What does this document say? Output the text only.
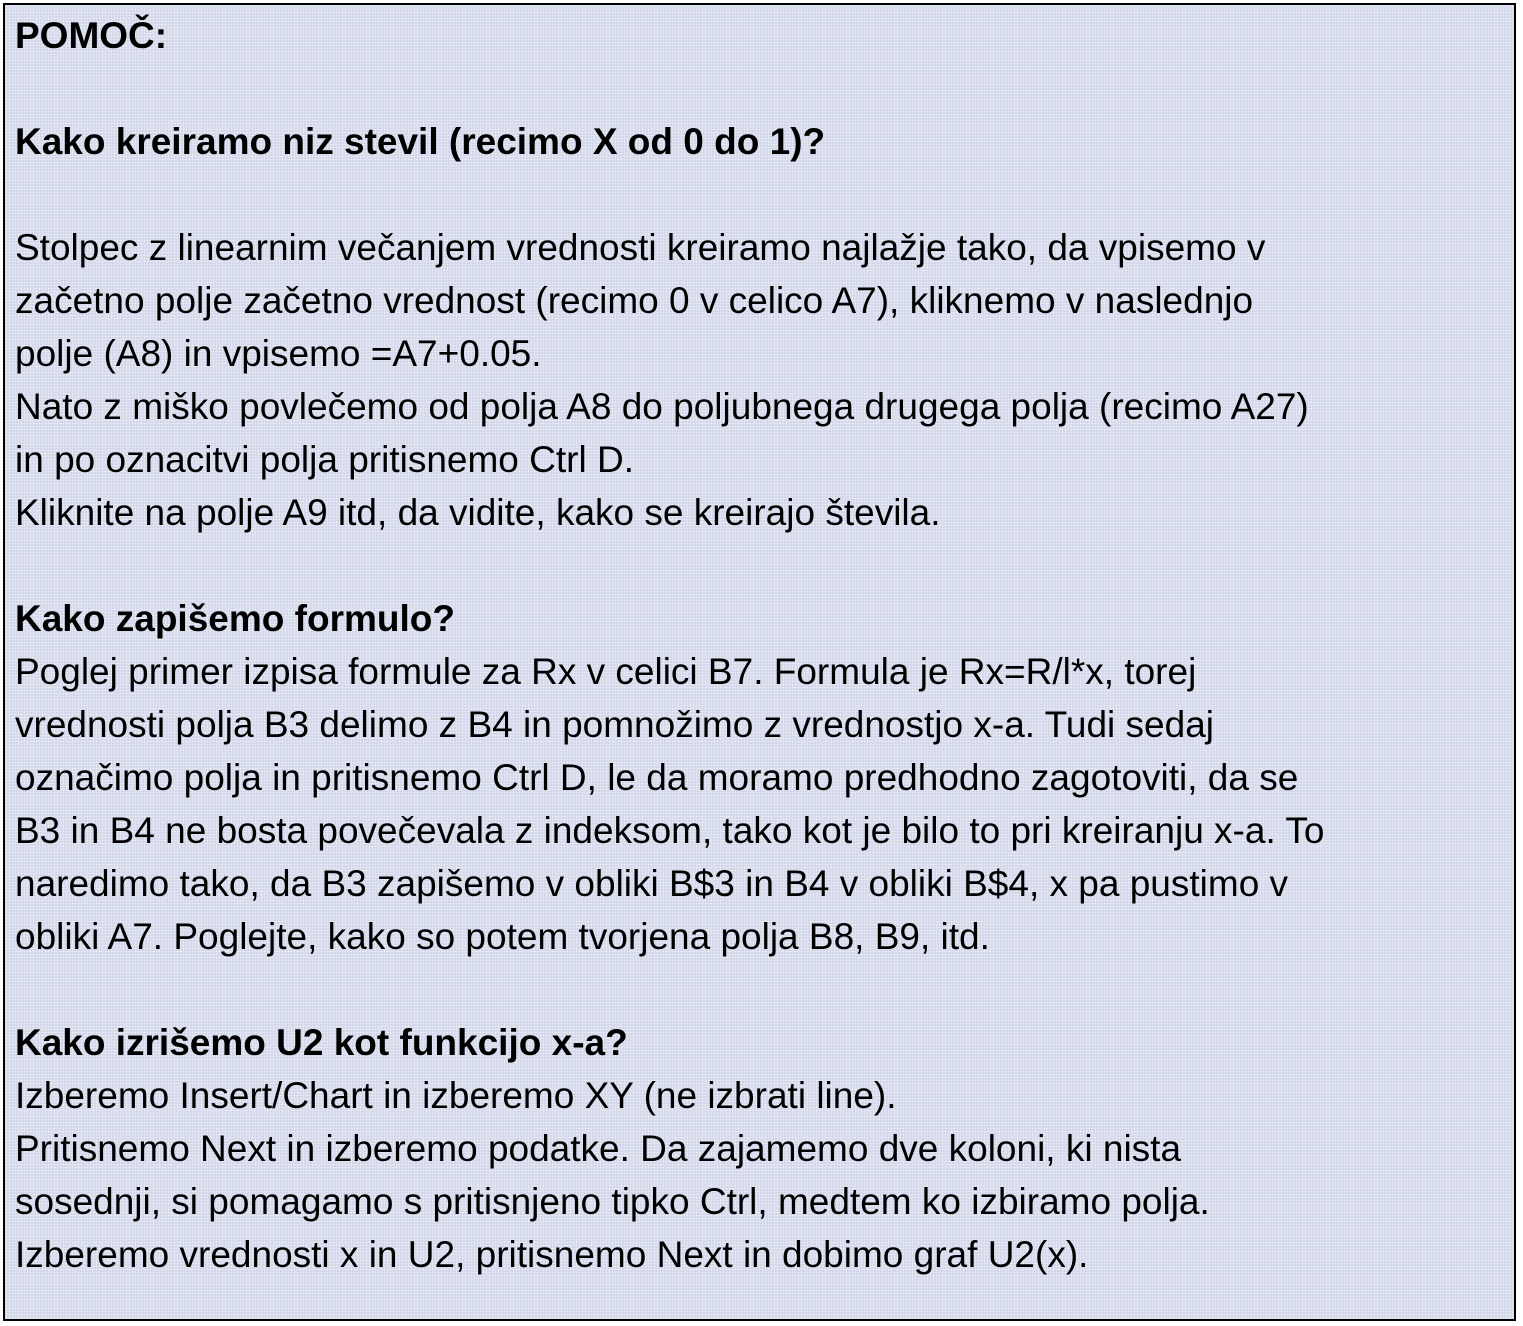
POMOČ:
Kako kreiramo niz stevil (recimo X od 0 do 1)?
Stolpec z linearnim večanjem vrednosti kreiramo najlažje tako, da vpisemo v
začetno polje začetno vrednost (recimo 0 v celico A7), kliknemo v naslednjo
polje (A8) in vpisemo =A7+0.05.
Nato z miško povlečemo od polja A8 do poljubnega drugega polja (recimo A27)
in po oznacitvi polja pritisnemo Ctrl D.
Kliknite na polje A9 itd, da vidite, kako se kreirajo števila.
Kako zapišemo formulo?
Poglej primer izpisa formule za Rx v celici B7. Formula je Rx=R/l*x, torej
vrednosti polja B3 delimo z B4 in pomnožimo z vrednostjo x-a. Tudi sedaj
označimo polja in pritisnemo Ctrl D, le da moramo predhodno zagotoviti, da se
B3 in B4 ne bosta povečevala z indeksom, tako kot je bilo to pri kreiranju x-a. To
naredimo tako, da B3 zapišemo v obliki B$3 in B4 v obliki B$4, x pa pustimo v
obliki A7. Poglejte, kako so potem tvorjena polja B8, B9, itd.
Kako izrišemo U2 kot funkcijo x-a?
Izberemo Insert/Chart in izberemo XY (ne izbrati line).
Pritisnemo Next in izberemo podatke. Da zajamemo dve koloni, ki nista
sosednji, si pomagamo s pritisnjeno tipko Ctrl, medtem ko izbiramo polja.
Izberemo vrednosti x in U2, pritisnemo Next in dobimo graf U2(x).
